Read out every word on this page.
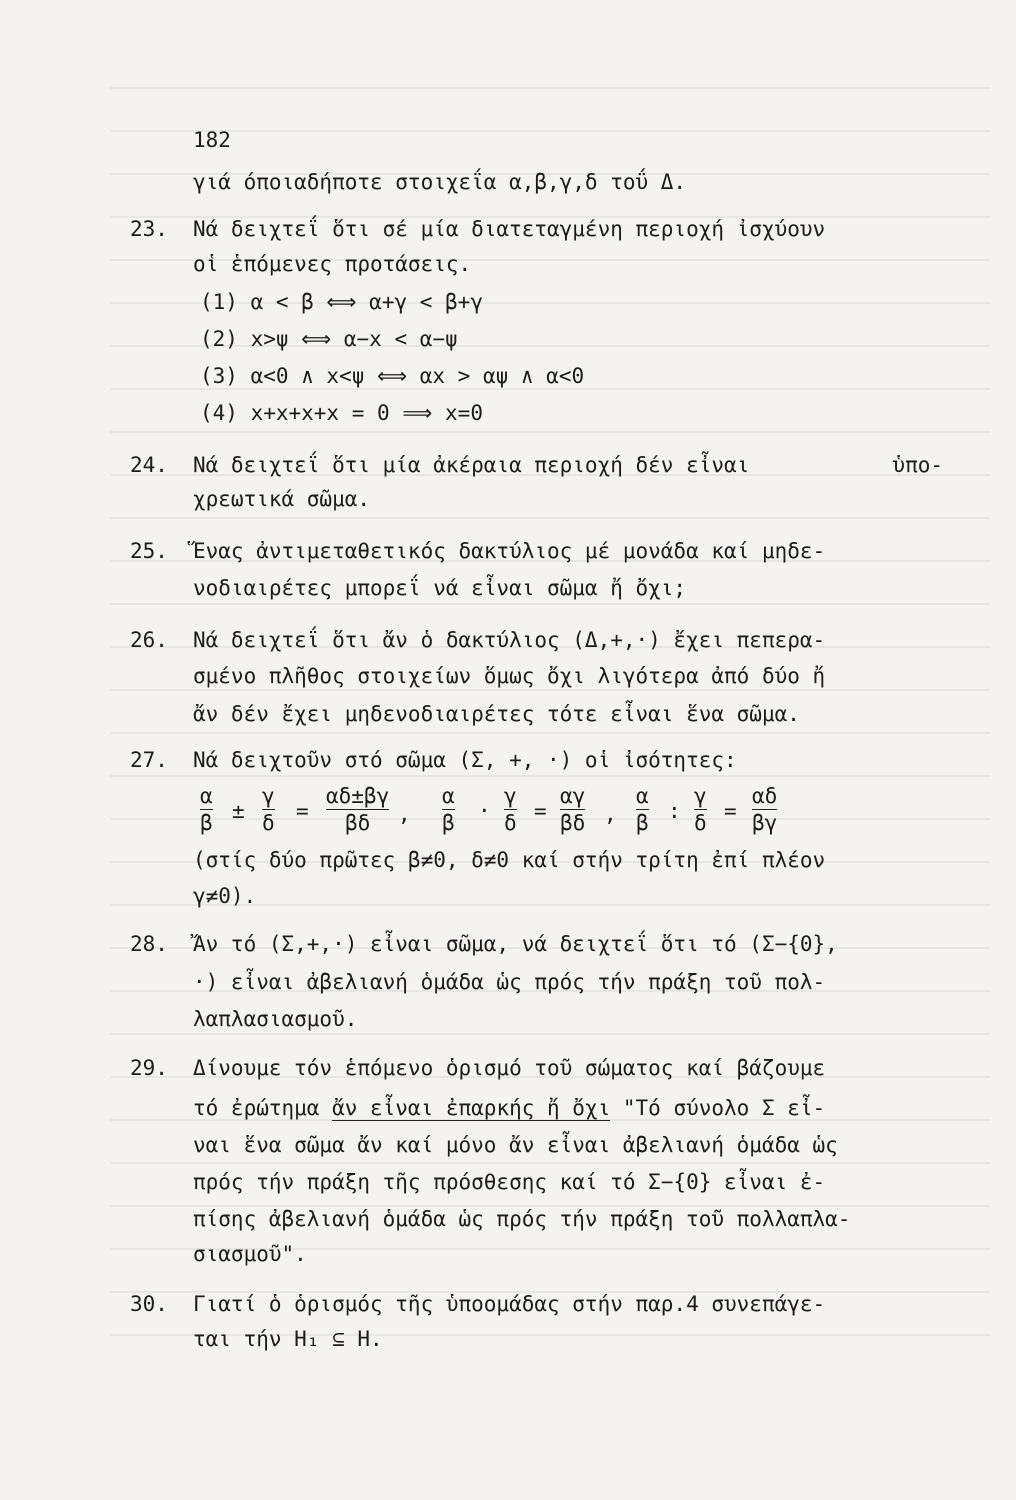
182
γιά όποιαδήποτε στοιχεΐα α,β,γ,δ τοΰ Δ.
23. Νά δειχτεΐ ὅτι σέ μία διατεταγμένη περιοχή ἰσχύουν
οἱ ἑπόμενες προτάσεις.
(1) α < β ⟺ α+γ < β+γ
(2) x>ψ ⟺ α−x < α−ψ
(3) α<0 ∧ x<ψ ⟺ αx > αψ ∧ α<0
(4) x+x+x+x = 0 ⟹ x=0
24. Νά δειχτεΐ ὅτι μία ἀκέραια περιοχή δέν εἶναι	ὑπο-
χρεωτικά σῶμα.
25. Ἕνας ἀντιμεταθετικός δακτύλιος μέ μονάδα καί μηδε-
νοδιαιρέτες μπορεΐ νά εἶναι σῶμα ἤ ὄχι;
26. Νά δειχτεΐ ὅτι ἄν ὁ δακτύλιος (Δ,+,·) ἔχει πεπερα-
σμένο πλῆθος στοιχείων ὅμως ὄχι λιγότερα ἀπό δύο ἤ
ἄν δέν ἔχει μηδενοδιαιρέτες τότε εἶναι ἕνα σῶμα.
27. Νά δειχτοῦν στό σῶμα (Σ, +, ·) οἱ ἰσότητες:
α
β ±
γ
δ =
αδ±βγ
βδ ,
α
β ·
γ
δ =
αγ
βδ ,
α
β :
γ
δ =
αδ
βγ
(στίς δύο πρῶτες β≠0, δ≠0 καί στήν τρίτη ἐπί πλέον
γ≠0).
28. Ἄν τό (Σ,+,·) εἶναι σῶμα, νά δειχτεΐ ὅτι τό (Σ−{0},
·) εἶναι ἀβελιανή ὁμάδα ὡς πρός τήν πράξη τοῦ πολ-
λαπλασιασμοῦ.
29. Δίνουμε τόν ἑπόμενο ὁρισμό τοῦ σώματος καί βάζουμε
τό ἐρώτημα ἄν εἶναι ἐπαρκής ἤ ὄχι "Τό σύνολο Σ εἶ-
ναι ἕνα σῶμα ἄν καί μόνο ἄν εἶναι ἀβελιανή ὁμάδα ὡς
πρός τήν πράξη τῆς πρόσθεσης καί τό Σ−{0} εἶναι ἐ-
πίσης ἀβελιανή ὁμάδα ὡς πρός τήν πράξη τοῦ πολλαπλα-
σιασμοῦ".
30. Γιατί ὁ ὁρισμός τῆς ὑποομάδας στήν παρ.4 συνεπάγε-
ται τήν H₁ ⊆ H.
